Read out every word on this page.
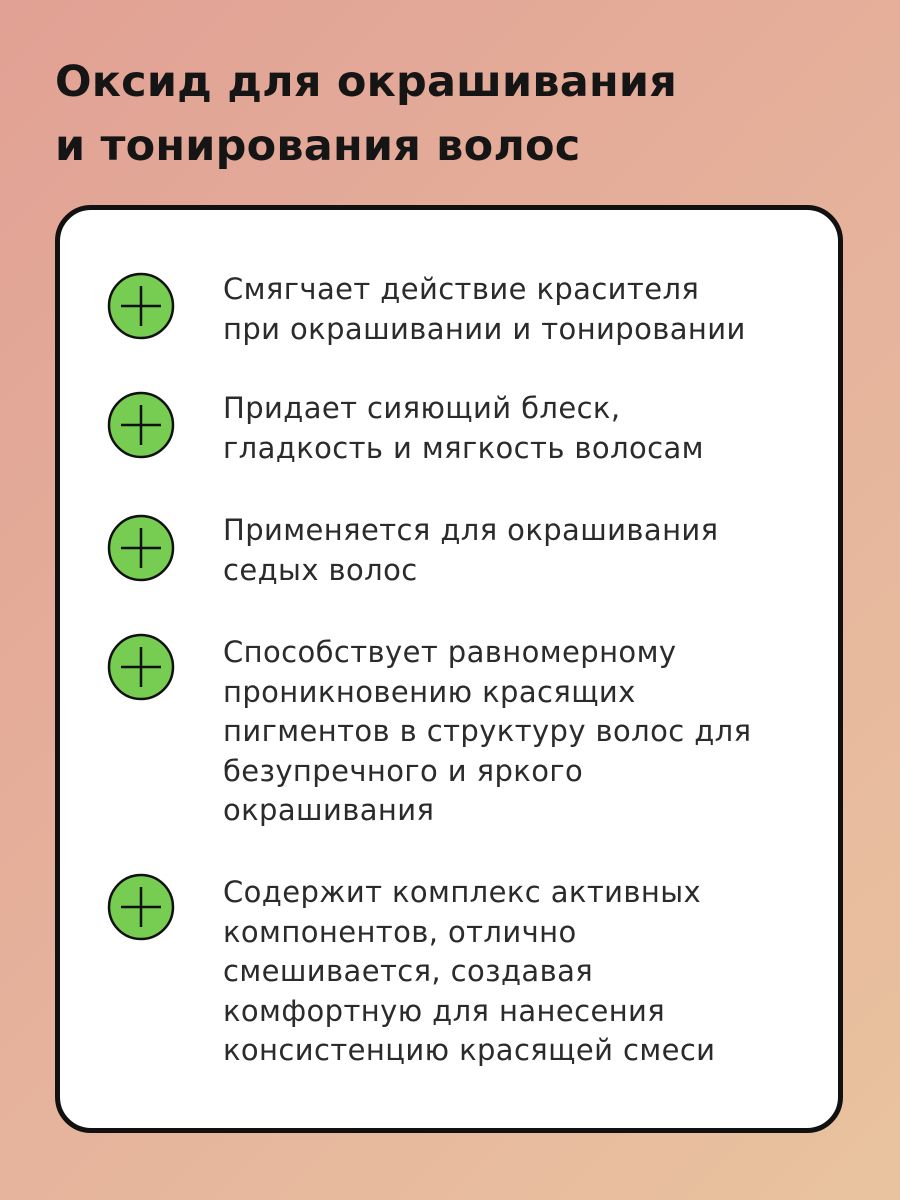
Оксид для окрашивания
и тонирования волос
Смягчает действие красителя
при окрашивании и тонировании
Придает сияющий блеск,
гладкость и мягкость волосам
Применяется для окрашивания
седых волос
Способствует равномерному
проникновению красящих
пигментов в структуру волос для
безупречного и яркого
окрашивания
Содержит комплекс активных
компонентов, отлично
смешивается, создавая
комфортную для нанесения
консистенцию красящей смеси
